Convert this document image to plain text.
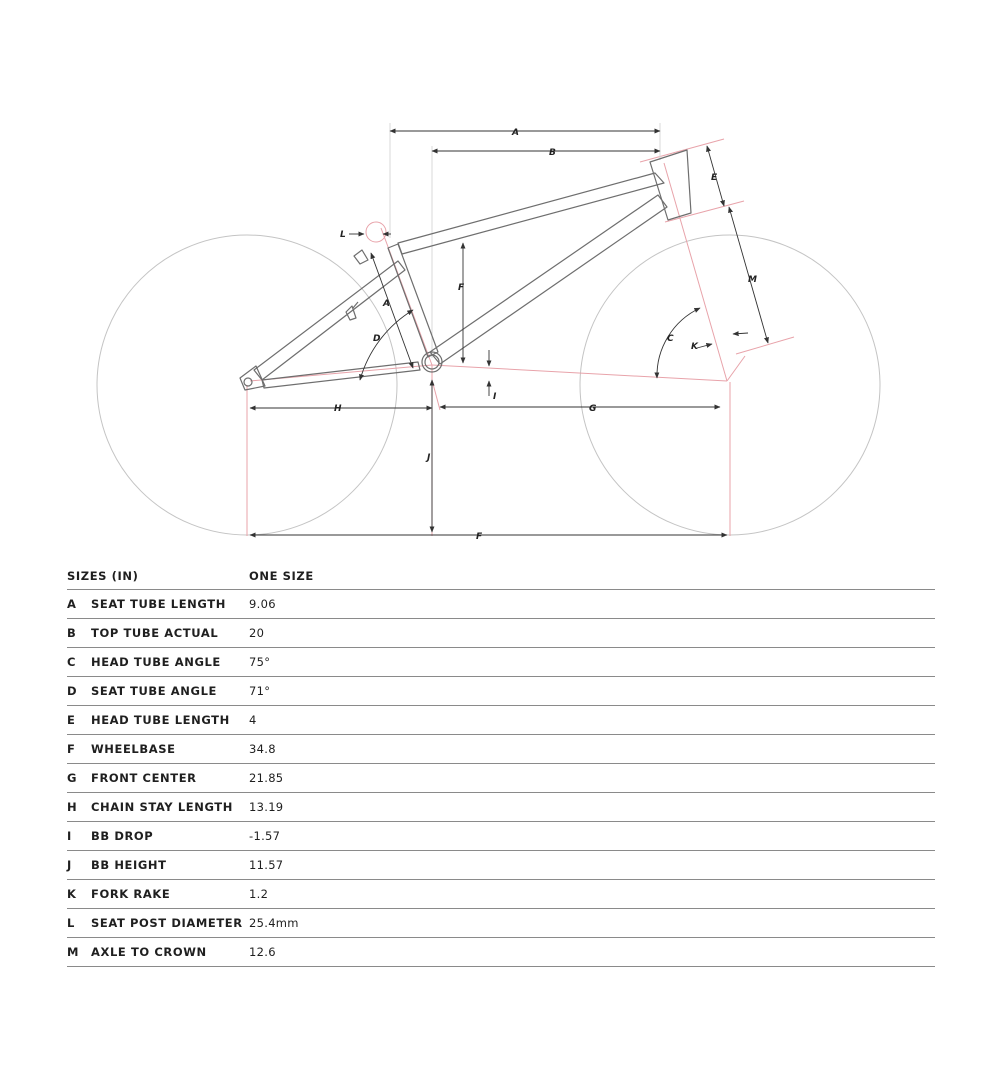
A
B
E
M
F
A
L
D	C
K
I
H	G
J
F
SIZES (IN)	ONE SIZE
A SEAT TUBE LENGTH 9.06
B TOP TUBE ACTUAL	20
C HEAD TUBE ANGLE 75°
D SEAT TUBE ANGLE	71°
E HEAD TUBE LENGTH 4
F WHEELBASE	34.8
G FRONT CENTER	21.85
H CHAIN STAY LENGTH 13.19
I BB DROP	-1.57
J BB HEIGHT	11.57
K FORK RAKE	1.2
L SEAT POST DIAMETER 25.4mm
M AXLE TO CROWN	12.6
